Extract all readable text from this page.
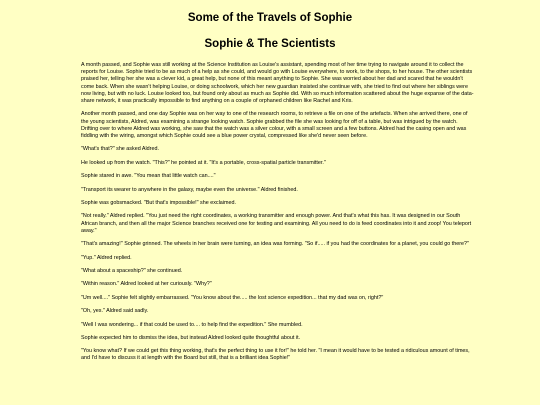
Some of the Travels of Sophie
Sophie & The Scientists

A month passed, and Sophie was still working at the Science Institution as Louise's assistant, spending most of her time trying to navigate around it to collect the reports for Louise. Sophie tried to be as much of a help as she could, and would go with Louise everywhere, to work, to the shops, to her house. The other scientists praised her, telling her she was a clever kid, a great help, but none of this meant anything to Sophie. She was worried about her dad and scared that he wouldn't come back. When she wasn't helping Louise, or doing schoolwork, which her new guardian insisted she continue with, she tried to find out where her siblings were now living, but with no luck. Louise looked too, but found only about as much as Sophie did. With so much information scattered about the huge expanse of the data-share network, it was practically impossible to find anything on a couple of orphaned children like Rachel and Kris.

Another month passed, and one day Sophie was on her way to one of the research rooms, to retrieve a file on one of the artefacts. When she arrived there, one of the young scientists, Aldred, was examining a strange looking watch. Sophie grabbed the file she was looking for off of a table, but was intrigued by the watch. Drifting over to where Aldred was working, she saw that the watch was a silver colour, with a small screen and a few buttons. Aldred had the casing open and was fiddling with the wiring, amongst which Sophie could see a blue power crystal, compressed like she'd never seen before.

"What's that?" she asked Aldred.

He looked up from the watch. "This?" he pointed at it. "It's a portable, cross-spatial particle transmitter."

Sophie stared in awe. "You mean that little watch can...."

"Transport its wearer to anywhere in the galaxy, maybe even the universe." Aldred finished.

Sophie was gobsmacked. "But that's impossible!" she exclaimed.

"Not really." Aldred replied. "You just need the right coordinates, a working transmitter and enough power. And that's what this has. It was designed in our South African branch, and then all the major Science branches received one for testing and examining. All you need to do is feed coordinates into it and zoop! You teleport away."

"That's amazing!" Sophie grinned. The wheels in her brain were turning, an idea was forming. "So if..... if you had the coordinates for a planet, you could go there?"

"Yup." Aldred replied.

"What about a spaceship?" she continued.

"Within reason." Aldred looked at her curiously. "Why?"

"Um well...." Sophie felt slightly embarrassed. "You know about the..... the lost science expedition... that my dad was on, right?"

"Oh, yes." Aldred said sadly.

"Well I was wondering... if that could be used to.... to help find the expedition." She mumbled.

Sophie expected him to dismiss the idea, but instead Aldred looked quite thoughtful about it.

"You know what? If we could get this thing working, that's the perfect thing to use it for!" he told her. "I mean it would have to be tested a ridiculous amount of times, and I'd have to discuss it at length with the Board but still, that is a brilliant idea Sophie!"
